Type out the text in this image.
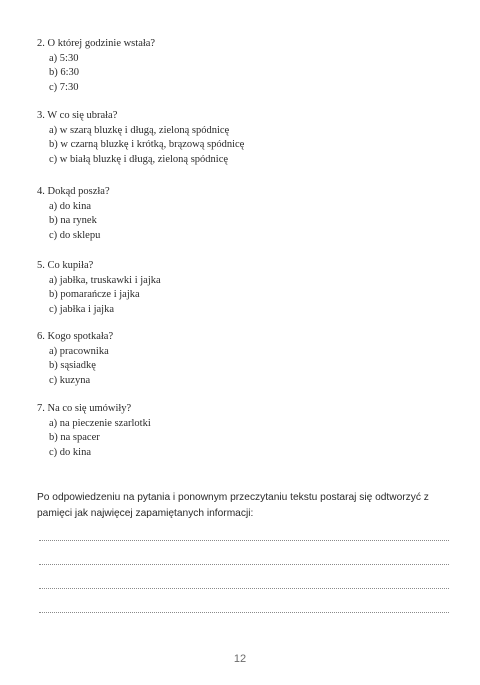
2. O której godzinie wstała?

a) 5:30

b) 6:30

c) 7:30

3. W co się ubrała?

a) w szarą bluzkę i długą, zieloną spódnicę

b) w czarną bluzkę i krótką, brązową spódnicę

c) w białą bluzkę i długą, zieloną spódnicę

4. Dokąd poszła?

a) do kina

b) na rynek

c) do sklepu

5. Co kupiła?

a) jabłka, truskawki i jajka

b) pomarańcze i jajka

c) jabłka i jajka

6. Kogo spotkała?

a) pracownika

b) sąsiadkę

c) kuzyna

7. Na co się umówiły?

a) na pieczenie szarlotki

b) na spacer

c) do kina

Po odpowiedzeniu na pytania i ponownym przeczytaniu tekstu postaraj się odtworzyć z pamięci jak najwięcej zapamiętanych informacji:

12
